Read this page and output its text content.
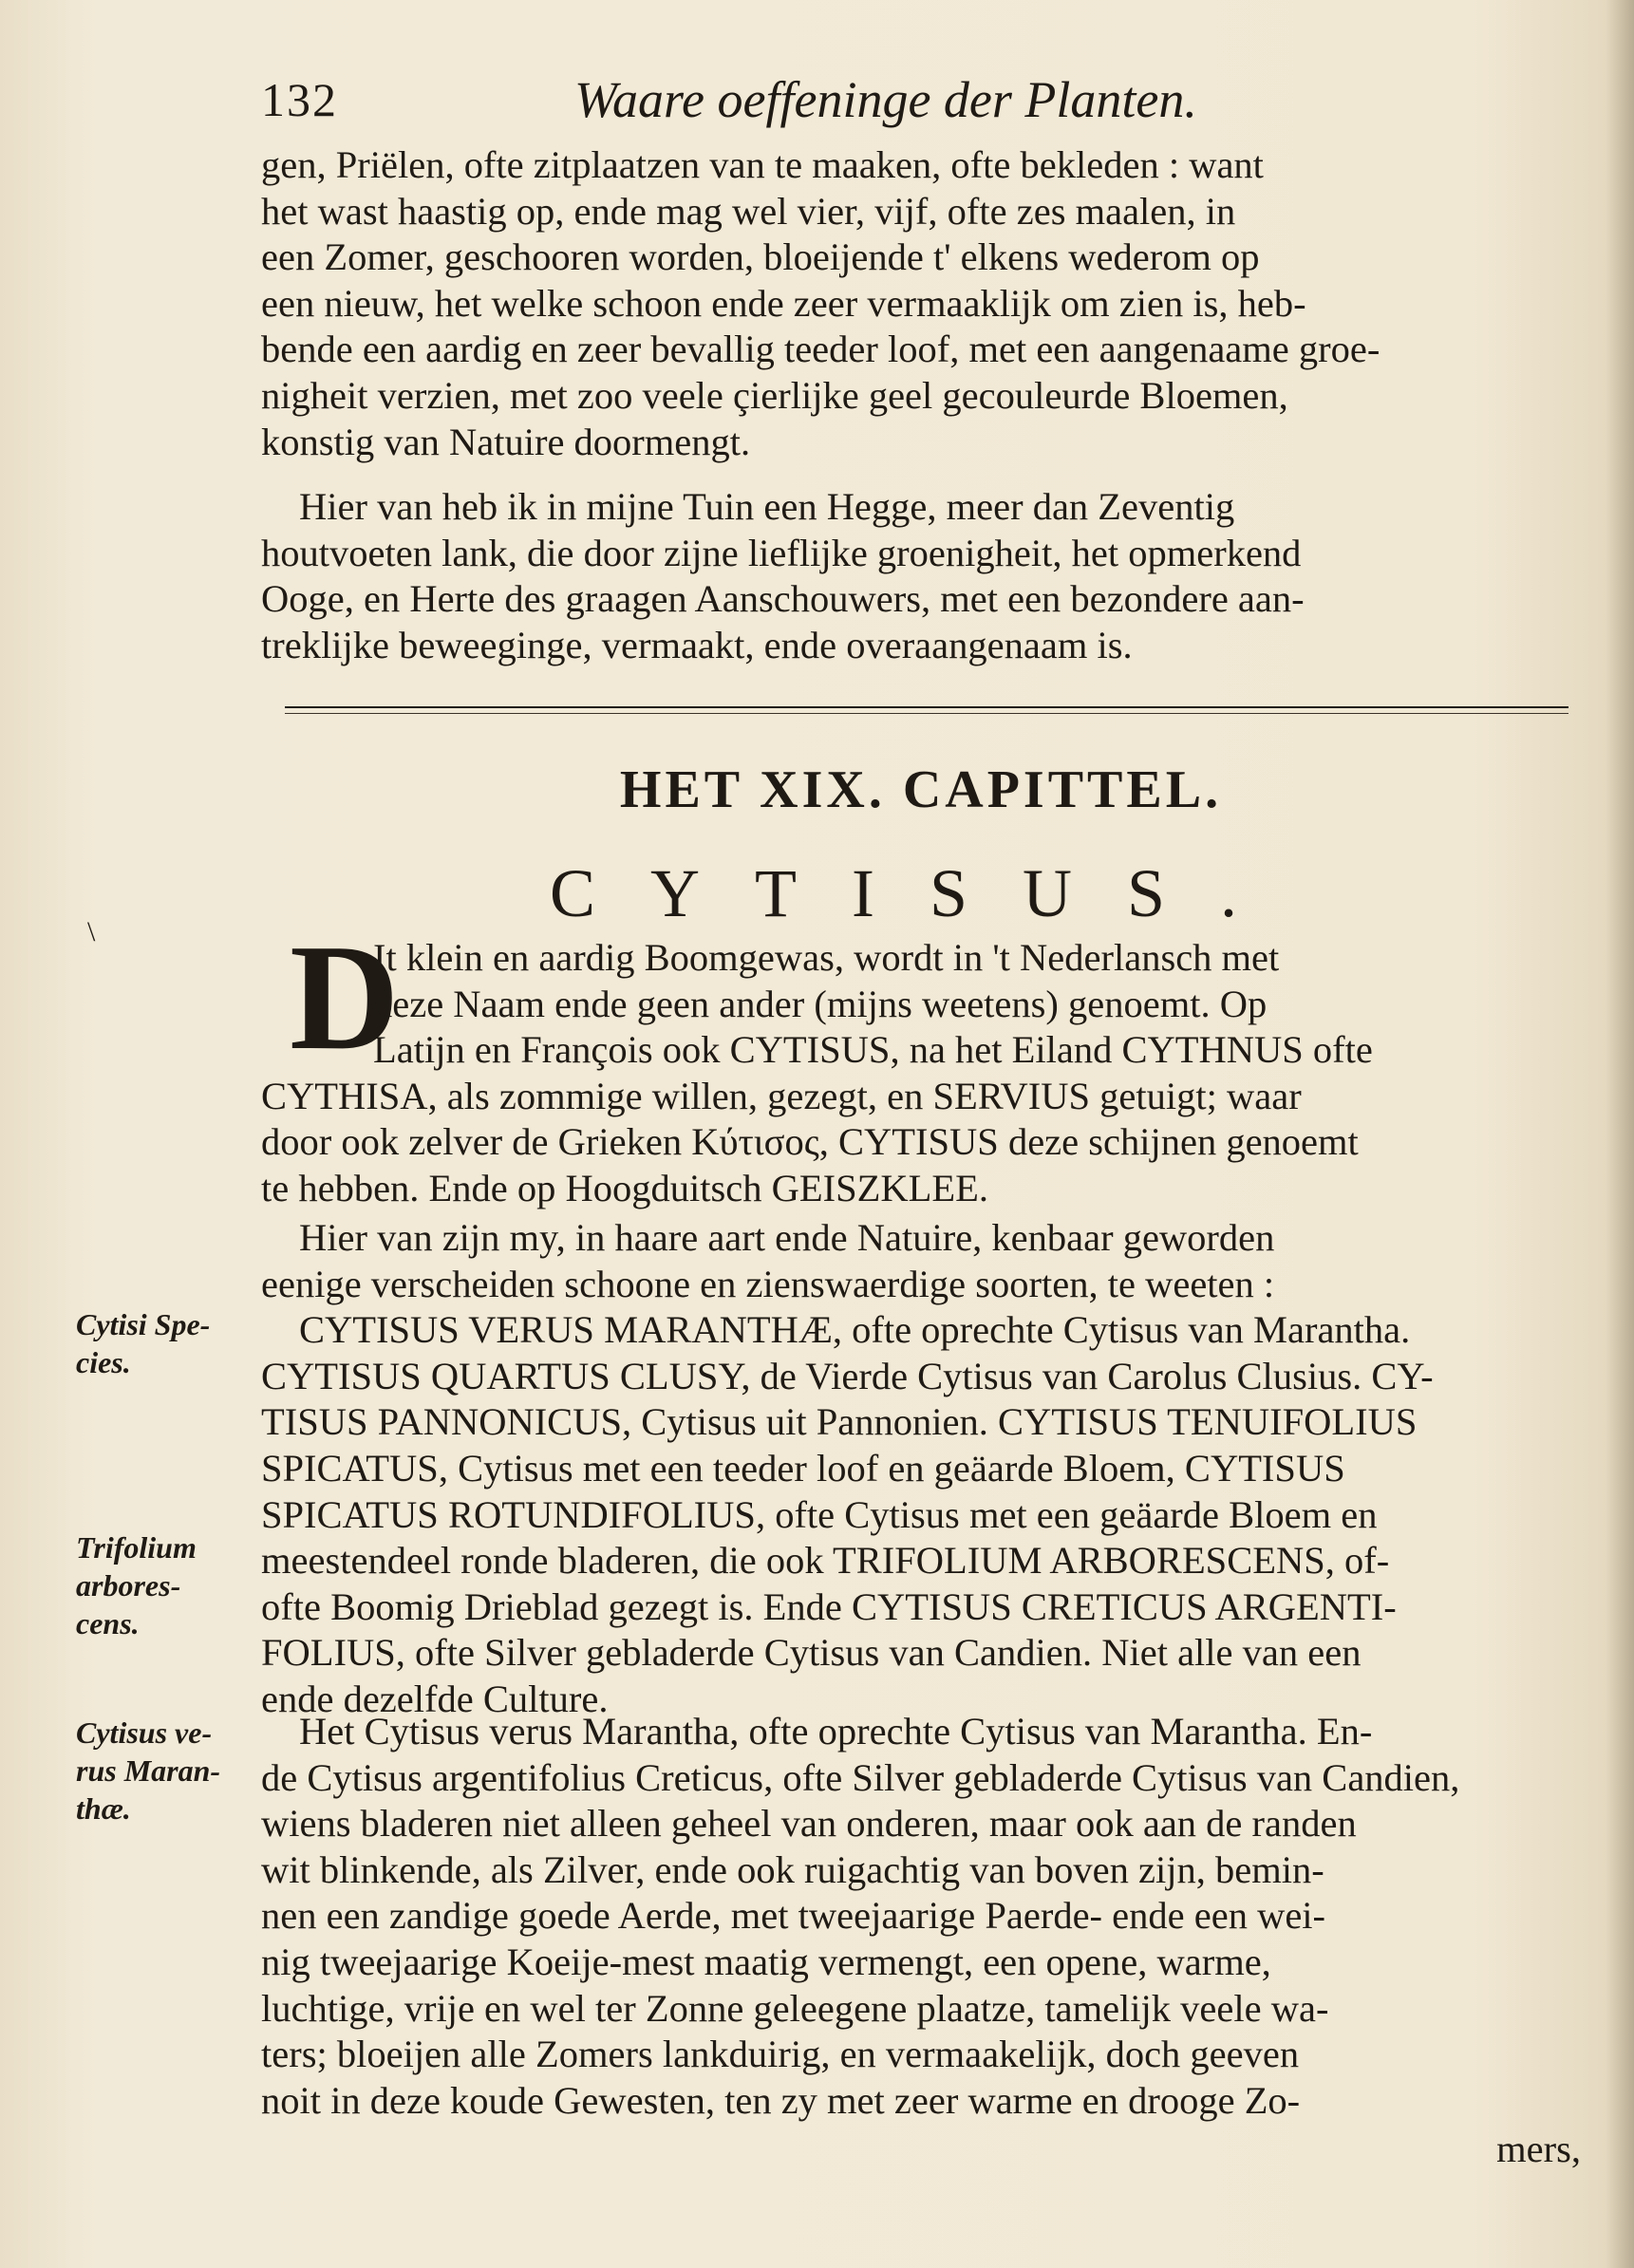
132	Waare oeffeninge der Planten.
gen, Priëlen, ofte zitplaatzen van te maaken, ofte bekleden : want
het wast haastig op, ende mag wel vier, vijf, ofte zes maalen, in
een Zomer, geschooren worden, bloeijende t' elkens wederom op
een nieuw, het welke schoon ende zeer vermaaklijk om zien is, heb-
bende een aardig en zeer bevallig teeder loof, met een aangenaame groe-
nigheit verzien, met zoo veele çierlijke geel gecouleurde Bloemen,
konstig van Natuire doormengt.
Hier van heb ik in mijne Tuin een Hegge, meer dan Zeventig
houtvoeten lank, die door zijne lieflijke groenigheit, het opmerkend
Ooge, en Herte des graagen Aanschouwers, met een bezondere aan-
treklijke beweeginge, vermaakt, ende overaangenaam is.
HET XIX. CAPITTEL.
CYTISUS.
\ D
It klein en aardig Boomgewas, wordt in 't Nederlansch met
deze Naam ende geen ander (mijns weetens) genoemt. Op
Latijn en François ook CYTISUS, na het Eiland CYTHNUS ofte
CYTHISA, als zommige willen, gezegt, en SERVIUS getuigt; waar
door ook zelver de Grieken Κύτισος, CYTISUS deze schijnen genoemt
te hebben. Ende op Hoogduitsch GEISZKLEE.
Hier van zijn my, in haare aart ende Natuire, kenbaar geworden
eenige verscheiden schoone en zienswaerdige soorten, te weeten :
CYTISUS VERUS MARANTHÆ, ofte oprechte Cytisus van Marantha.
CYTISUS QUARTUS CLUSY, de Vierde Cytisus van Carolus Clusius. CY-
TISUS PANNONICUS, Cytisus uit Pannonien. CYTISUS TENUIFOLIUS
SPICATUS, Cytisus met een teeder loof en geäarde Bloem, CYTISUS
SPICATUS ROTUNDIFOLIUS, ofte Cytisus met een geäarde Bloem en
meestendeel ronde bladeren, die ook TRIFOLIUM ARBORESCENS, of-
ofte Boomig Drieblad gezegt is. Ende CYTISUS CRETICUS ARGENTI-
FOLIUS, ofte Silver gebladerde Cytisus van Candien. Niet alle van een
ende dezelfde Culture.
Het Cytisus verus Marantha, ofte oprechte Cytisus van Marantha. En-
de Cytisus argentifolius Creticus, ofte Silver gebladerde Cytisus van Candien,
wiens bladeren niet alleen geheel van onderen, maar ook aan de randen
wit blinkende, als Zilver, ende ook ruigachtig van boven zijn, bemin-
nen een zandige goede Aerde, met tweejaarige Paerde- ende een wei-
nig tweejaarige Koeije-mest maatig vermengt, een opene, warme,
luchtige, vrije en wel ter Zonne geleegene plaatze, tamelijk veele wa-
ters; bloeijen alle Zomers lankduirig, en vermaakelijk, doch geeven
noit in deze koude Gewesten, ten zy met zeer warme en drooge Zo-
mers,
Cytisi Spe-
cies.
Trifolium
arbores-
cens.
Cytisus ve-
rus Maran-
thæ.
